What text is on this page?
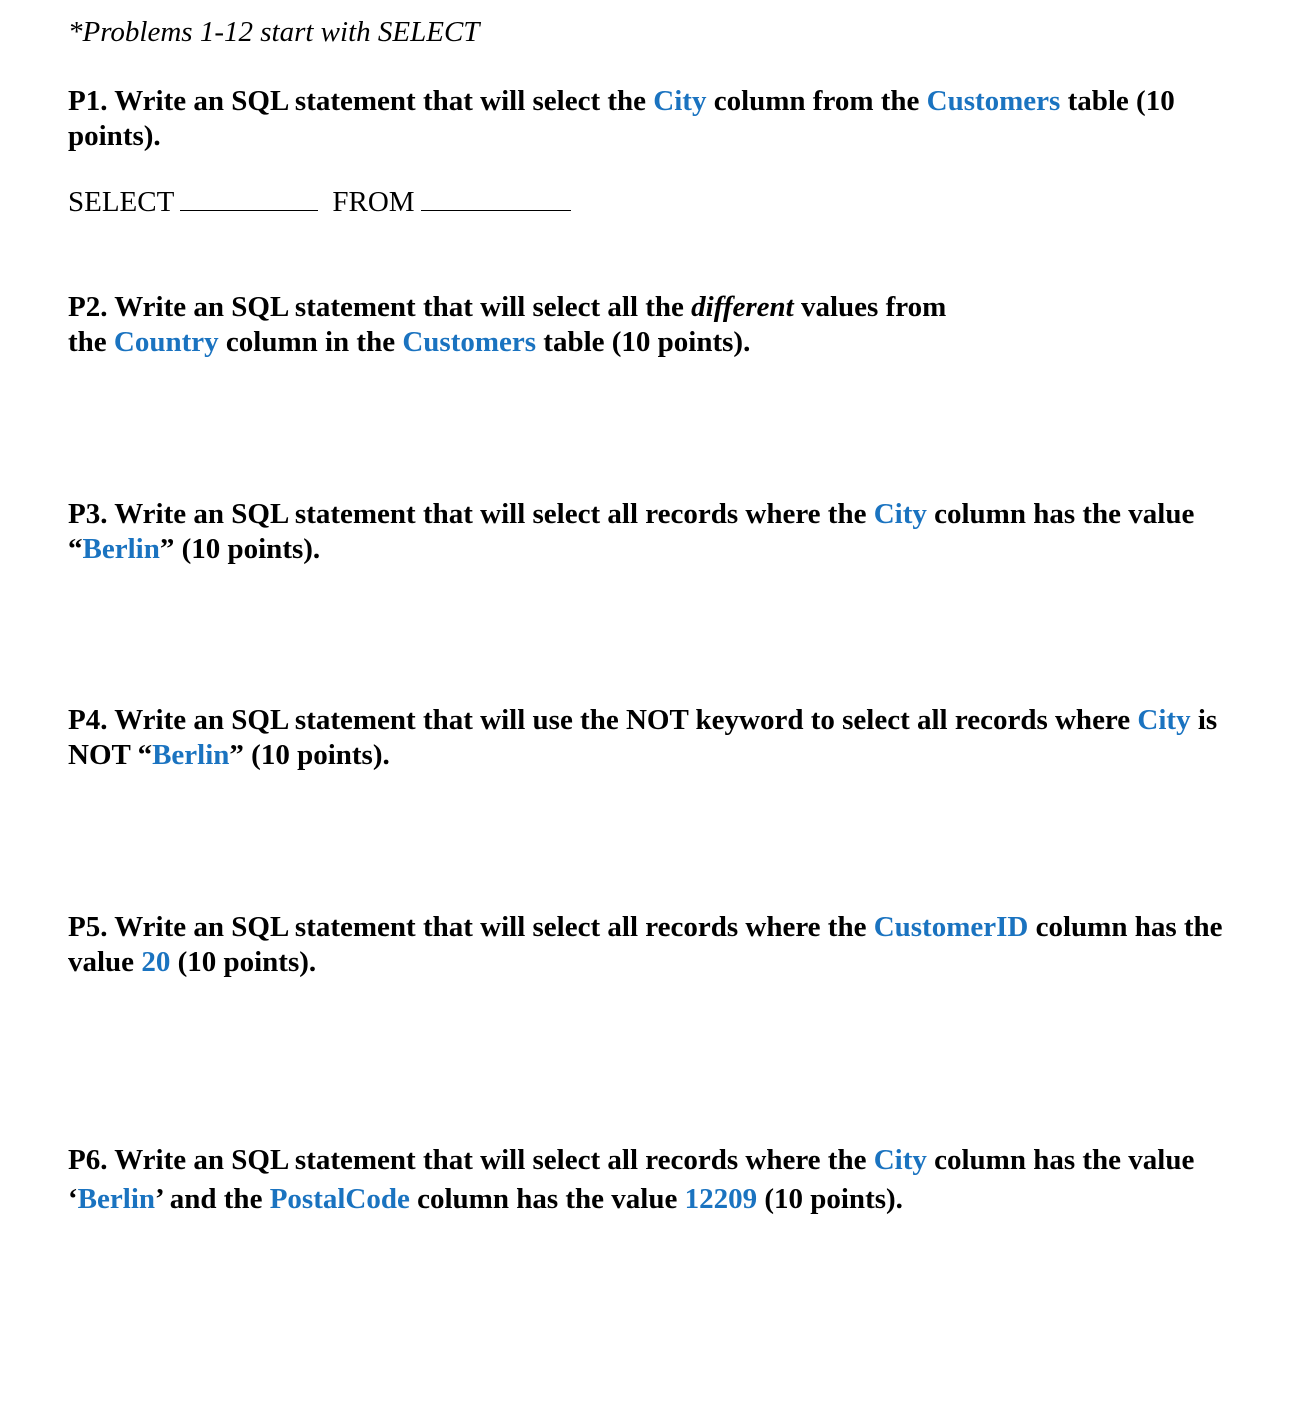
*Problems 1-12 start with SELECT
P1. Write an SQL statement that will select the City column from the Customers table (10 points).
SELECT	FROM
P2. Write an SQL statement that will select all the different values from
the Country column in the Customers table (10 points).
P3. Write an SQL statement that will select all records where the City column has the value “Berlin” (10 points).
P4. Write an SQL statement that will use the NOT keyword to select all records where City is NOT “Berlin” (10 points).
P5. Write an SQL statement that will select all records where the CustomerID column has the value 20 (10 points).
P6. Write an SQL statement that will select all records where the City column has the value ‘Berlin’ and the PostalCode column has the value 12209 (10 points).
